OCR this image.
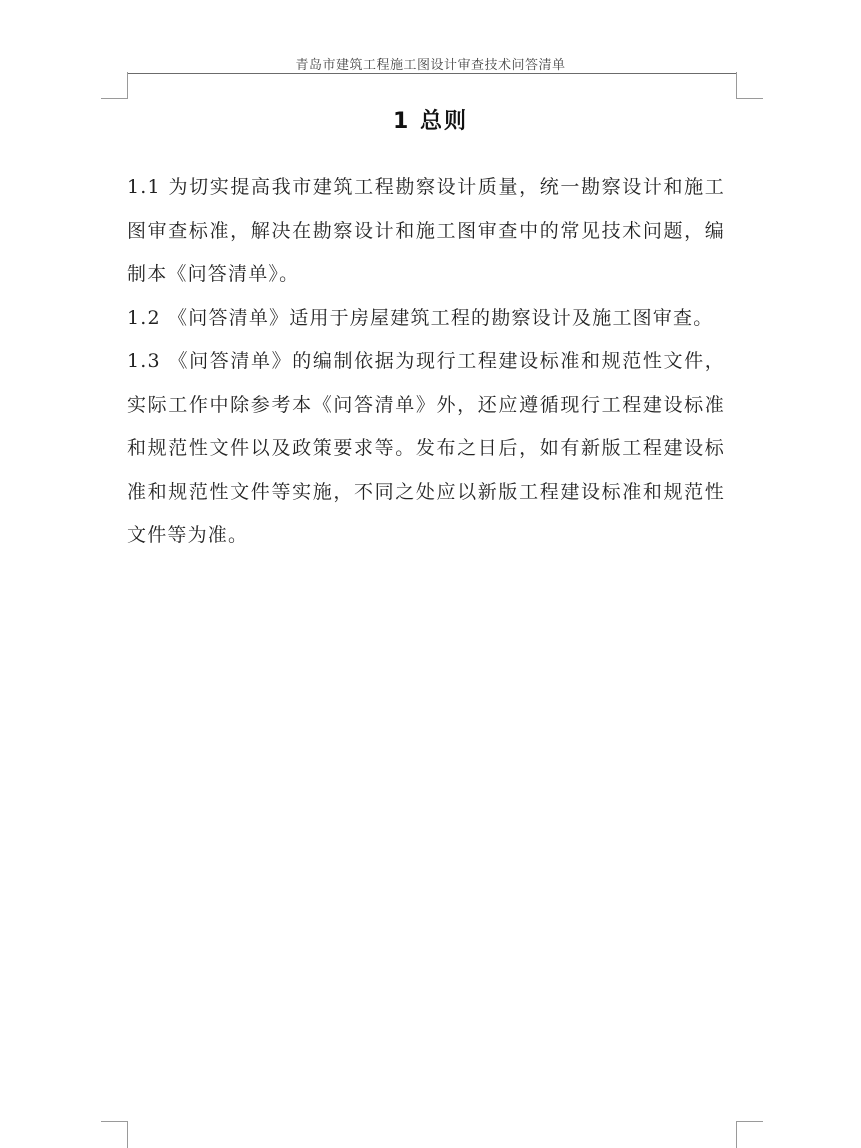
青岛市建筑工程施工图设计审查技术问答清单
1 总则

1.1 为切实提高我市建筑工程勘察设计质量，统一勘察设计和施工图审查标准，解决在勘察设计和施工图审查中的常见技术问题，编制本《问答清单》。

1.2 《问答清单》适用于房屋建筑工程的勘察设计及施工图审查。

1.3 《问答清单》的编制依据为现行工程建设标准和规范性文件，实际工作中除参考本《问答清单》外，还应遵循现行工程建设标准和规范性文件以及政策要求等。发布之日后，如有新版工程建设标准和规范性文件等实施，不同之处应以新版工程建设标准和规范性文件等为准。
